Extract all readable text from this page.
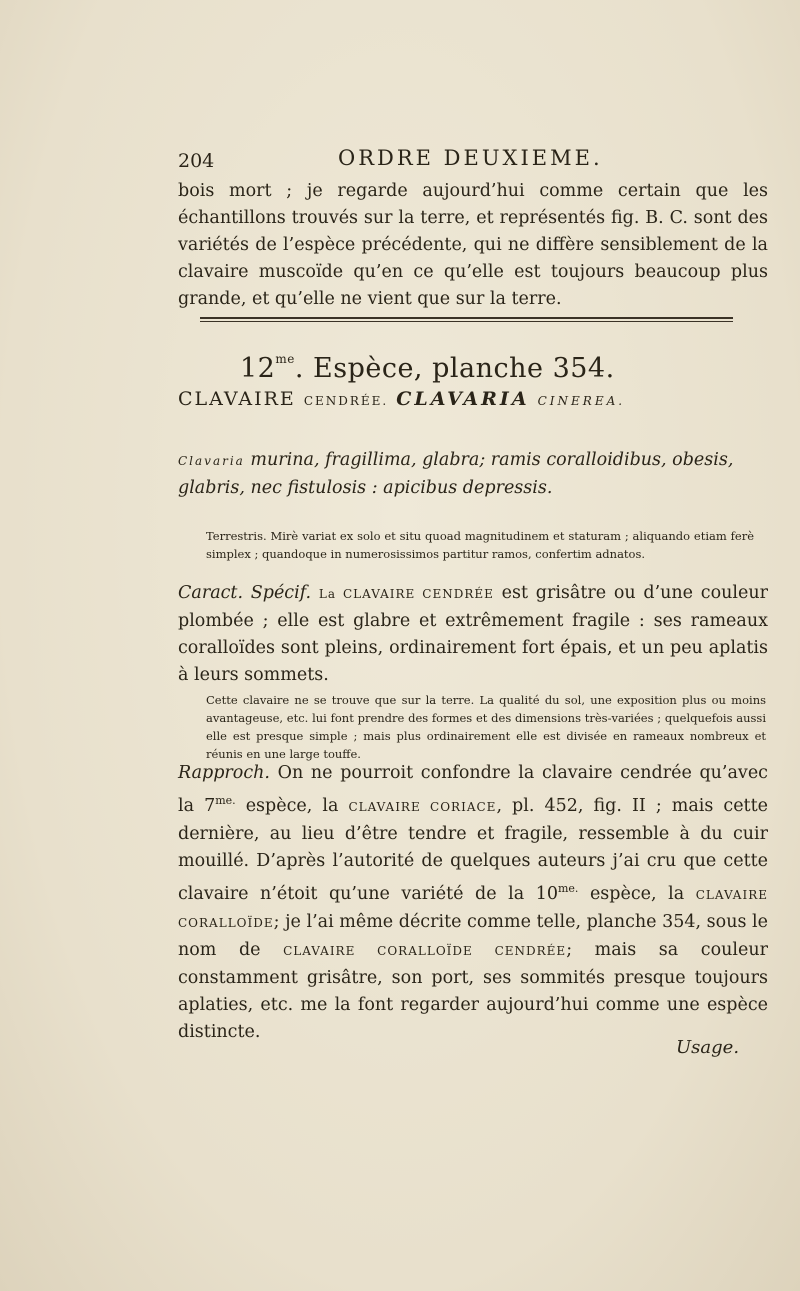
204	ORDRE DEUXIEME.

bois mort ; je regarde aujourd’hui comme certain que les échantillons trouvés sur la terre, et représentés fig. B. C. sont des variétés de l’espèce précédente, qui ne diffère sensiblement de la clavaire muscoïde qu’en ce qu’elle est toujours beaucoup plus grande, et qu’elle ne vient que sur la terre.

$12^{me}$. Espèce, planche 354.
CLAVAIRE CENDRÉE. CLAVARIA CINEREA.

Clavaria murina, fragillima, glabra; ramis coralloidibus, obesis, glabris, nec fistulosis : apicibus depressis.

Terrestris. Mirè variat ex solo et situ quoad magnitudinem et staturam ; aliquando etiam ferè simplex ; quandoque in numerosissimos partitur ramos, confertim adnatos.

Caract. Spécif. La CLAVAIRE CENDRÉE est grisâtre ou d’une couleur plombée ; elle est glabre et extrêmement fragile : ses rameaux coralloïdes sont pleins, ordinairement fort épais, et un peu aplatis à leurs sommets.

Cette clavaire ne se trouve que sur la terre. La qualité du sol, une exposition plus ou moins avantageuse, etc. lui font prendre des formes et des dimensions très-variées ; quelquefois aussi elle est presque simple ; mais plus ordinairement elle est divisée en rameaux nombreux et réunis en une large touffe.

Rapproch. On ne pourroit confondre la clavaire cendrée qu’avec la $7^{me.}$ espèce, la CLAVAIRE CORIACE, pl. 452, fig. II ; mais cette dernière, au lieu d’être tendre et fragile, ressemble à du cuir mouillé. D’après l’autorité de quelques auteurs j’ai cru que cette clavaire n’étoit qu’une variété de la $10^{me.}$ espèce, la CLAVAIRE CORALLOÏDE; je l’ai même décrite comme telle, planche 354, sous le nom de CLAVAIRE CORALLOÏDE CENDRÉE; mais sa couleur constamment grisâtre, son port, ses sommités presque toujours aplaties, etc. me la font regarder aujourd’hui comme une espèce distincte.

Usage.
